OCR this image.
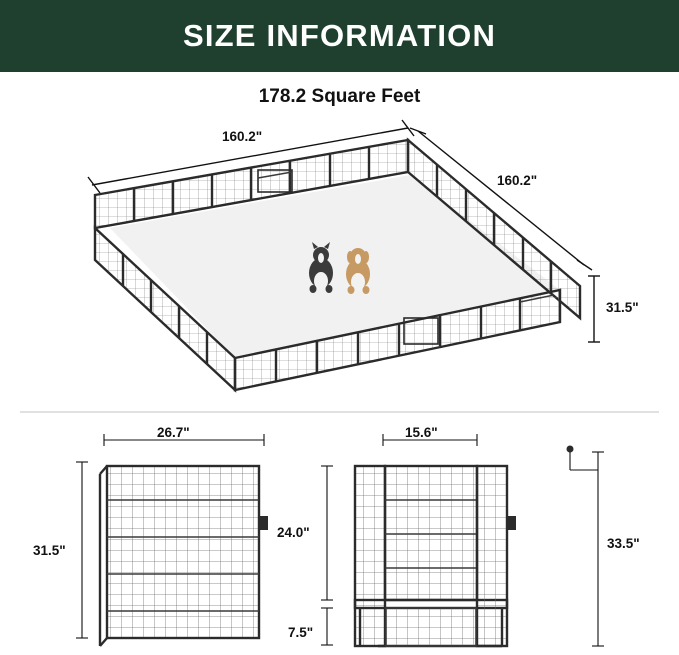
SIZE INFORMATION
178.2 Square Feet
160.2"
160.2"
31.5"
26.7"
31.5"
15.6"
24.0"
7.5"
33.5"
